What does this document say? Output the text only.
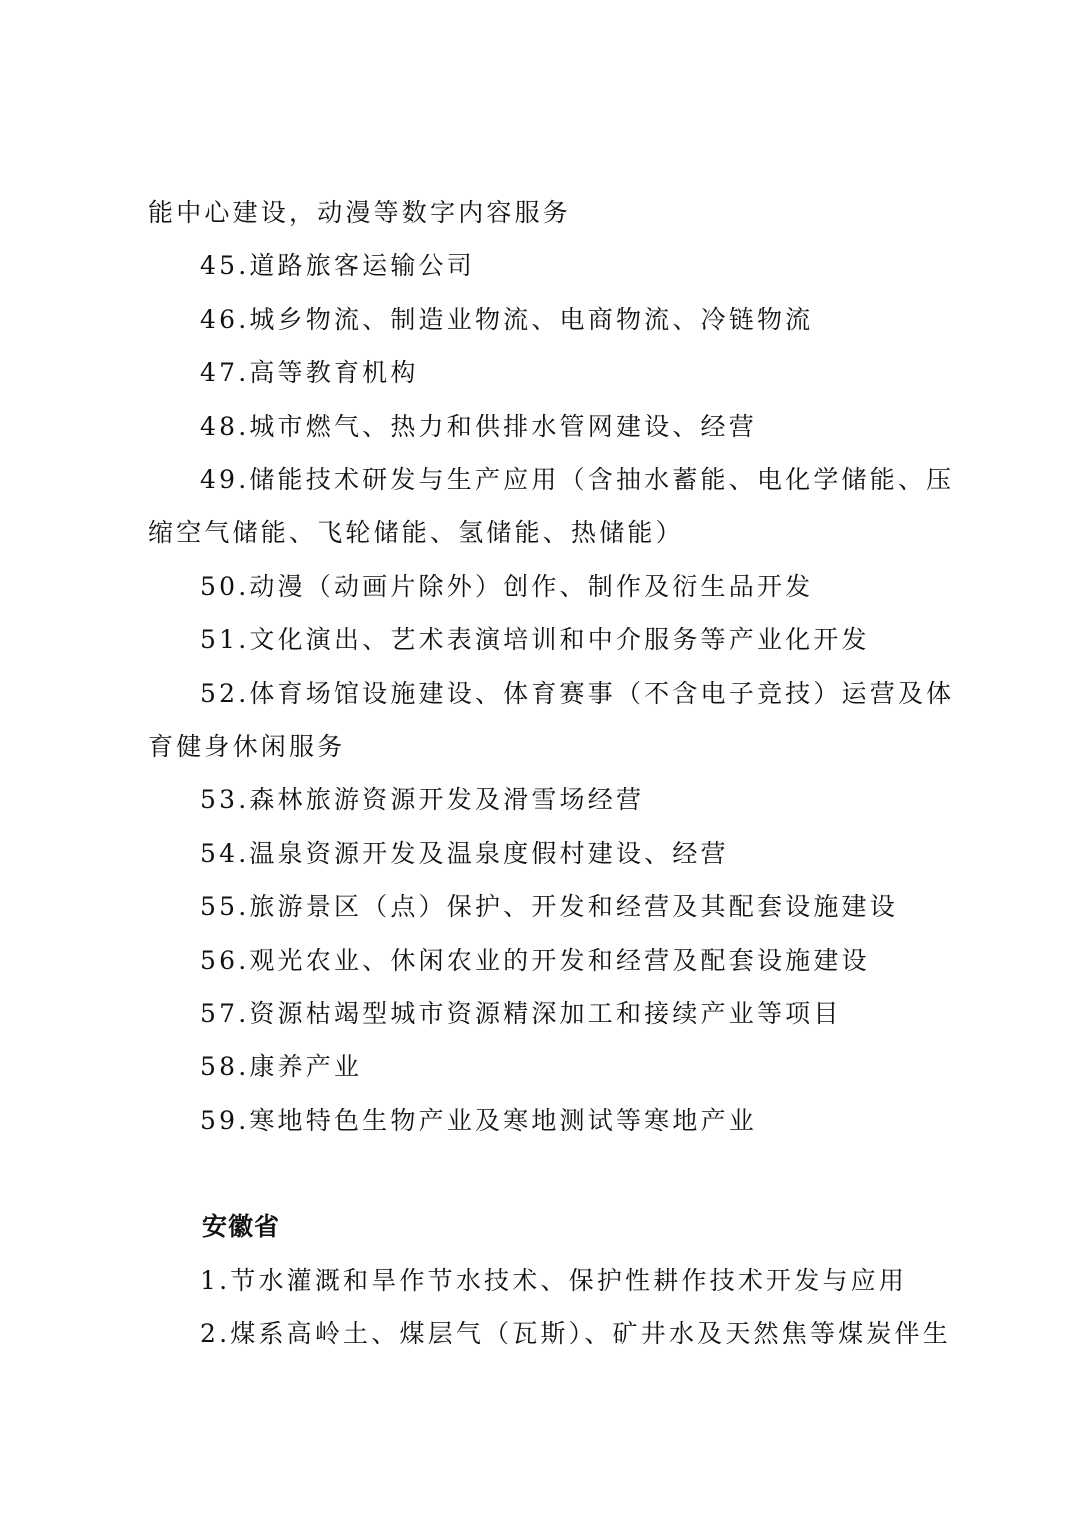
能中心建设，动漫等数字内容服务
45.道路旅客运输公司
46.城乡物流、制造业物流、电商物流、冷链物流
47.高等教育机构
48.城市燃气、热力和供排水管网建设、经营
49.储能技术研发与生产应用（含抽水蓄能、电化学储能、压
缩空气储能、飞轮储能、氢储能、热储能）
50.动漫（动画片除外）创作、制作及衍生品开发
51.文化演出、艺术表演培训和中介服务等产业化开发
52.体育场馆设施建设、体育赛事（不含电子竞技）运营及体
育健身休闲服务
53.森林旅游资源开发及滑雪场经营
54.温泉资源开发及温泉度假村建设、经营
55.旅游景区（点）保护、开发和经营及其配套设施建设
56.观光农业、休闲农业的开发和经营及配套设施建设
57.资源枯竭型城市资源精深加工和接续产业等项目
58.康养产业
59.寒地特色生物产业及寒地测试等寒地产业
安徽省
1.节水灌溉和旱作节水技术、保护性耕作技术开发与应用
2.煤系高岭土、煤层气（瓦斯）、矿井水及天然焦等煤炭伴生
